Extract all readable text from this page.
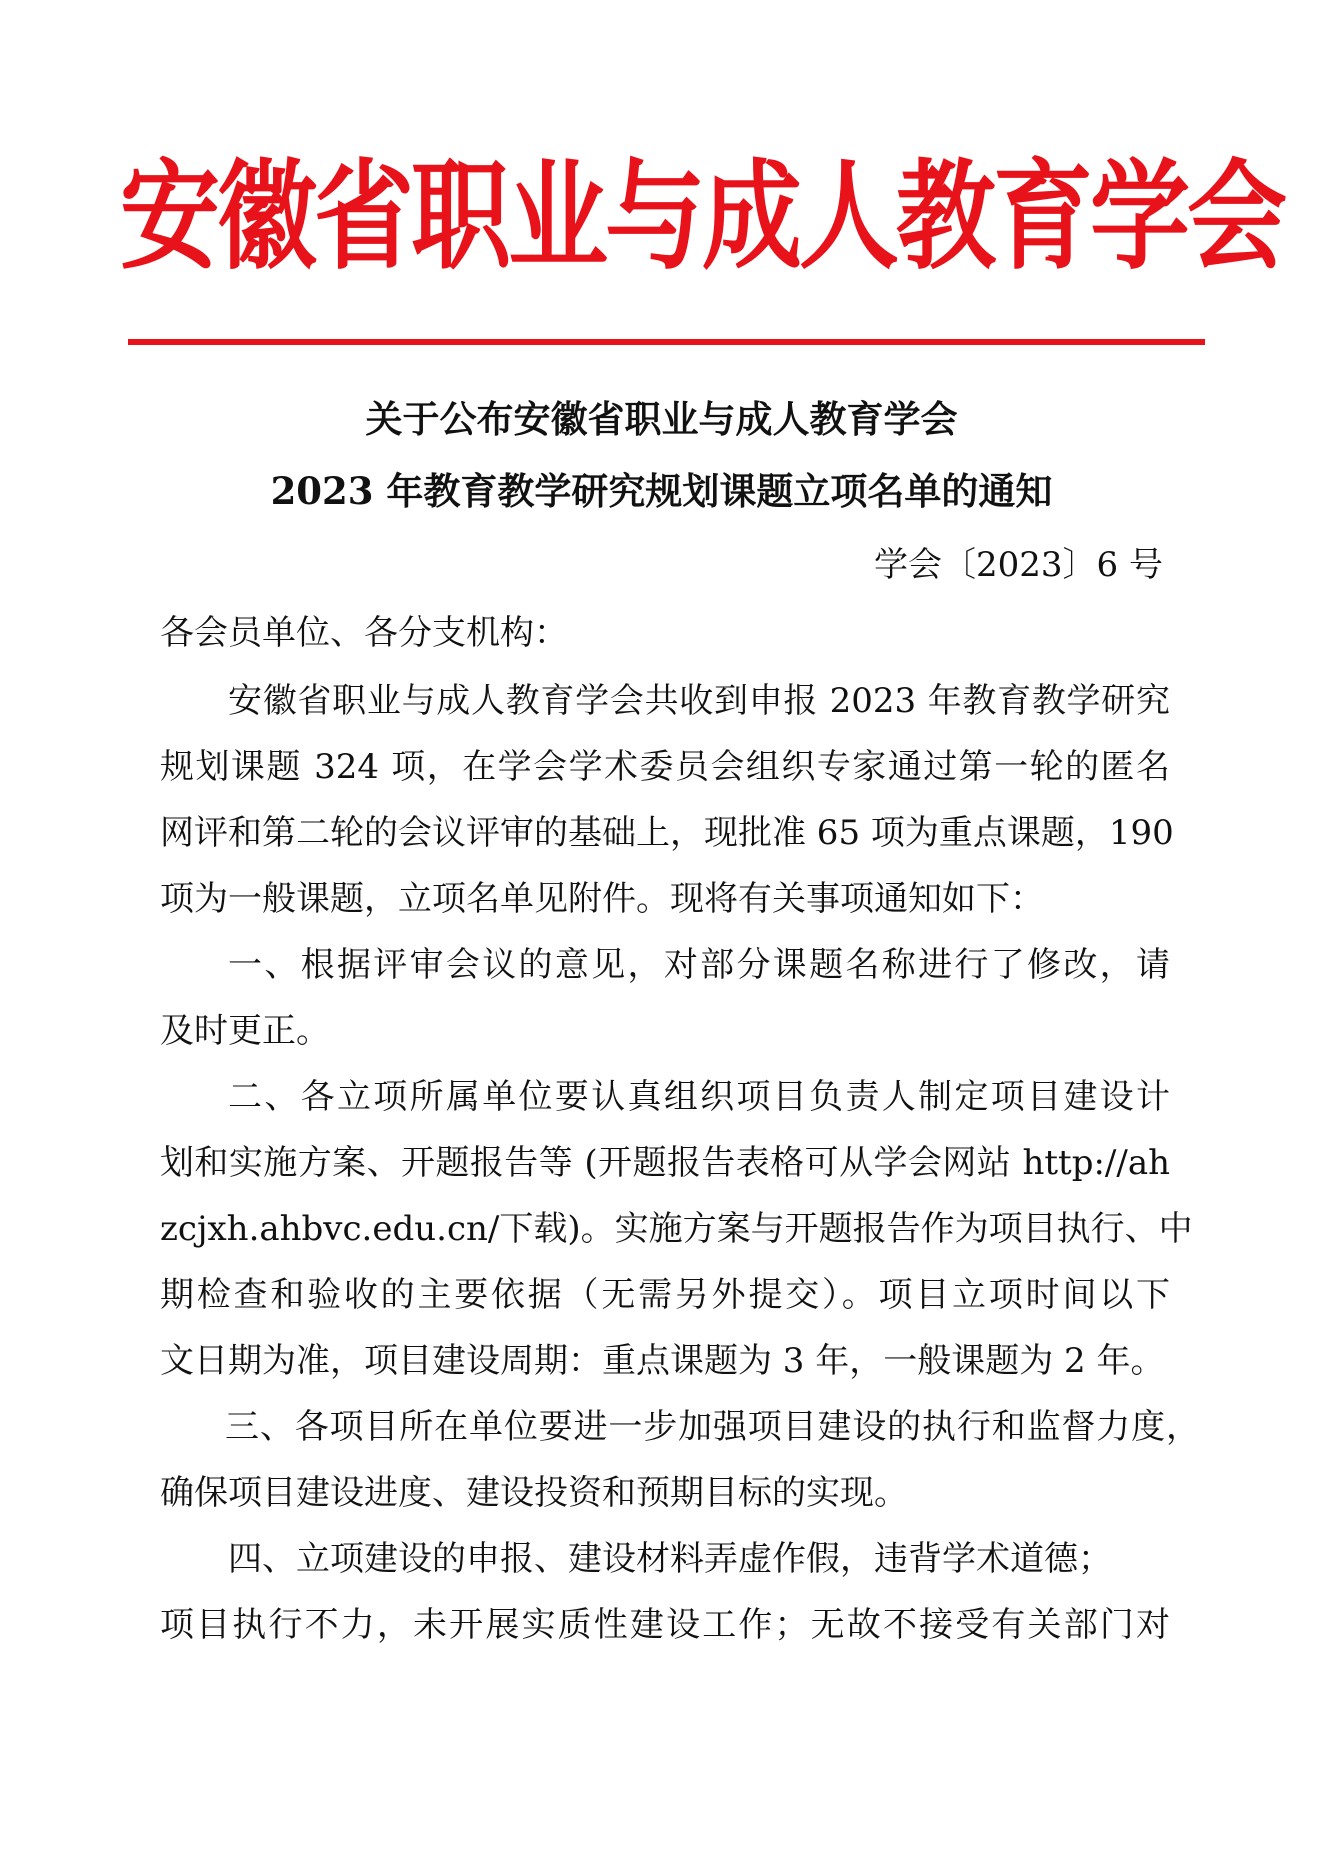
安徽省职业与成人教育学会
关于公布安徽省职业与成人教育学会
2023 年教育教学研究规划课题立项名单的通知
学会〔2023〕6 号
各会员单位、各分支机构：
安徽省职业与成人教育学会共收到申报 2023 年教育教学研究
规划课题 324 项，在学会学术委员会组织专家通过第一轮的匿名
网评和第二轮的会议评审的基础上，现批准 65 项为重点课题，190
项为一般课题，立项名单见附件。现将有关事项通知如下：
一、根据评审会议的意见，对部分课题名称进行了修改，请
及时更正。
二、各立项所属单位要认真组织项目负责人制定项目建设计
划和实施方案、开题报告等 (开题报告表格可从学会网站 http://ah
zcjxh.ahbvc.edu.cn/下载)。实施方案与开题报告作为项目执行、中
期检查和验收的主要依据（无需另外提交）。项目立项时间以下
文日期为准，项目建设周期：重点课题为 3 年，一般课题为 2 年。
三、各项目所在单位要进一步加强项目建设的执行和监督力度，
确保项目建设进度、建设投资和预期目标的实现。
四、立项建设的申报、建设材料弄虚作假，违背学术道德；
项目执行不力，未开展实质性建设工作；无故不接受有关部门对
